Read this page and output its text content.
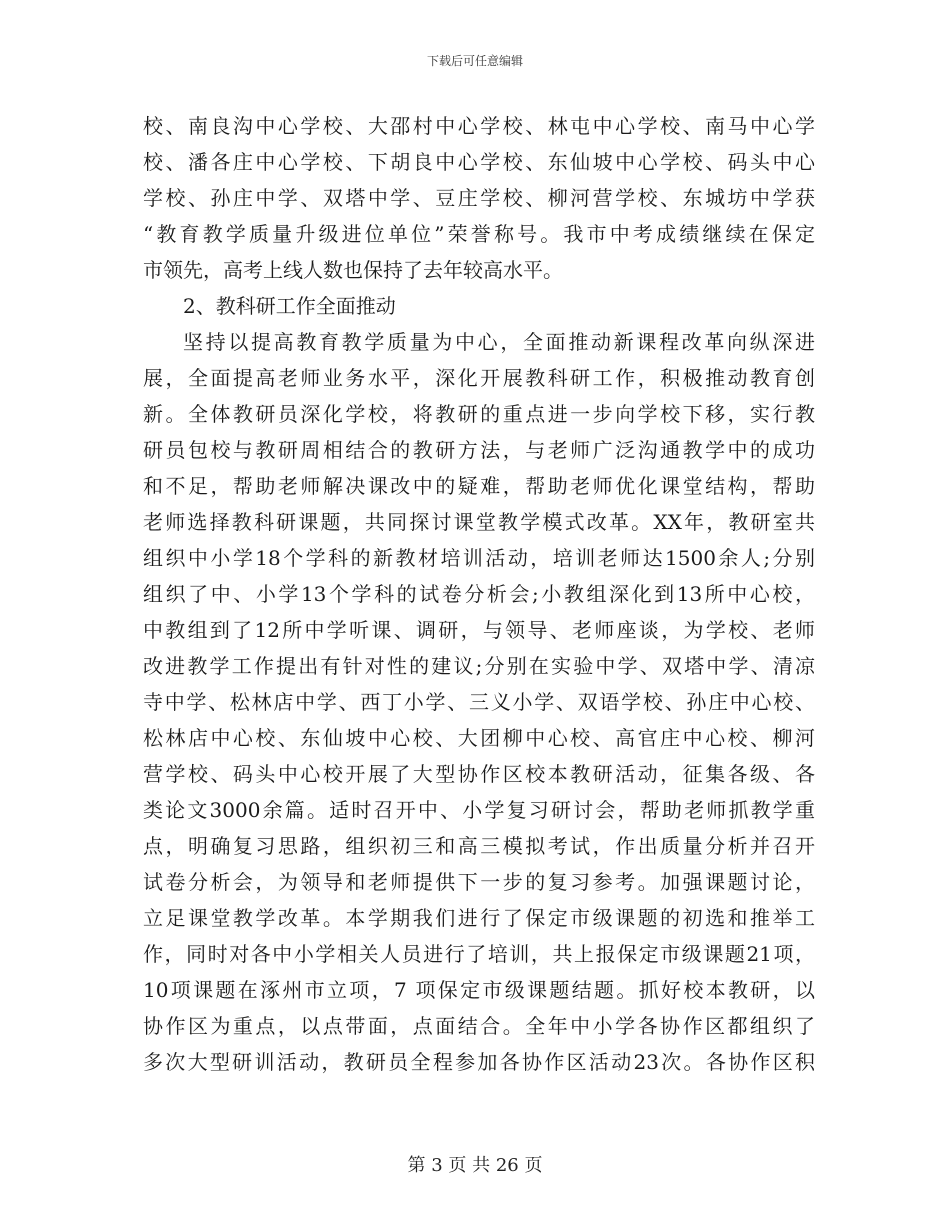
下载后可任意编辑
校、南良沟中心学校、大邵村中心学校、林屯中心学校、南马中心学
校、潘各庄中心学校、下胡良中心学校、东仙坡中心学校、码头中心
学校、孙庄中学、双塔中学、豆庄学校、柳河营学校、东城坊中学获
“教育教学质量升级进位单位”荣誉称号。我市中考成绩继续在保定
市领先，高考上线人数也保持了去年较高水平。
2、教科研工作全面推动
坚持以提高教育教学质量为中心，全面推动新课程改革向纵深进
展，全面提高老师业务水平，深化开展教科研工作，积极推动教育创
新。全体教研员深化学校，将教研的重点进一步向学校下移，实行教
研员包校与教研周相结合的教研方法，与老师广泛沟通教学中的成功
和不足，帮助老师解决课改中的疑难，帮助老师优化课堂结构，帮助
老师选择教科研课题，共同探讨课堂教学模式改革。XX年，教研室共
组织中小学18个学科的新教材培训活动，培训老师达1500余人;分别
组织了中、小学13个学科的试卷分析会;小教组深化到13所中心校，
中教组到了12所中学听课、调研，与领导、老师座谈，为学校、老师
改进教学工作提出有针对性的建议;分别在实验中学、双塔中学、清凉
寺中学、松林店中学、西丁小学、三义小学、双语学校、孙庄中心校、
松林店中心校、东仙坡中心校、大团柳中心校、高官庄中心校、柳河
营学校、码头中心校开展了大型协作区校本教研活动，征集各级、各
类论文3000余篇。适时召开中、小学复习研讨会，帮助老师抓教学重
点，明确复习思路，组织初三和高三模拟考试，作出质量分析并召开
试卷分析会，为领导和老师提供下一步的复习参考。加强课题讨论，
立足课堂教学改革。本学期我们进行了保定市级课题的初选和推举工
作，同时对各中小学相关人员进行了培训，共上报保定市级课题21项，
10项课题在涿州市立项，7 项保定市级课题结题。抓好校本教研，以
协作区为重点，以点带面，点面结合。全年中小学各协作区都组织了
多次大型研训活动，教研员全程参加各协作区活动23次。各协作区积
第 3 页 共 26 页
